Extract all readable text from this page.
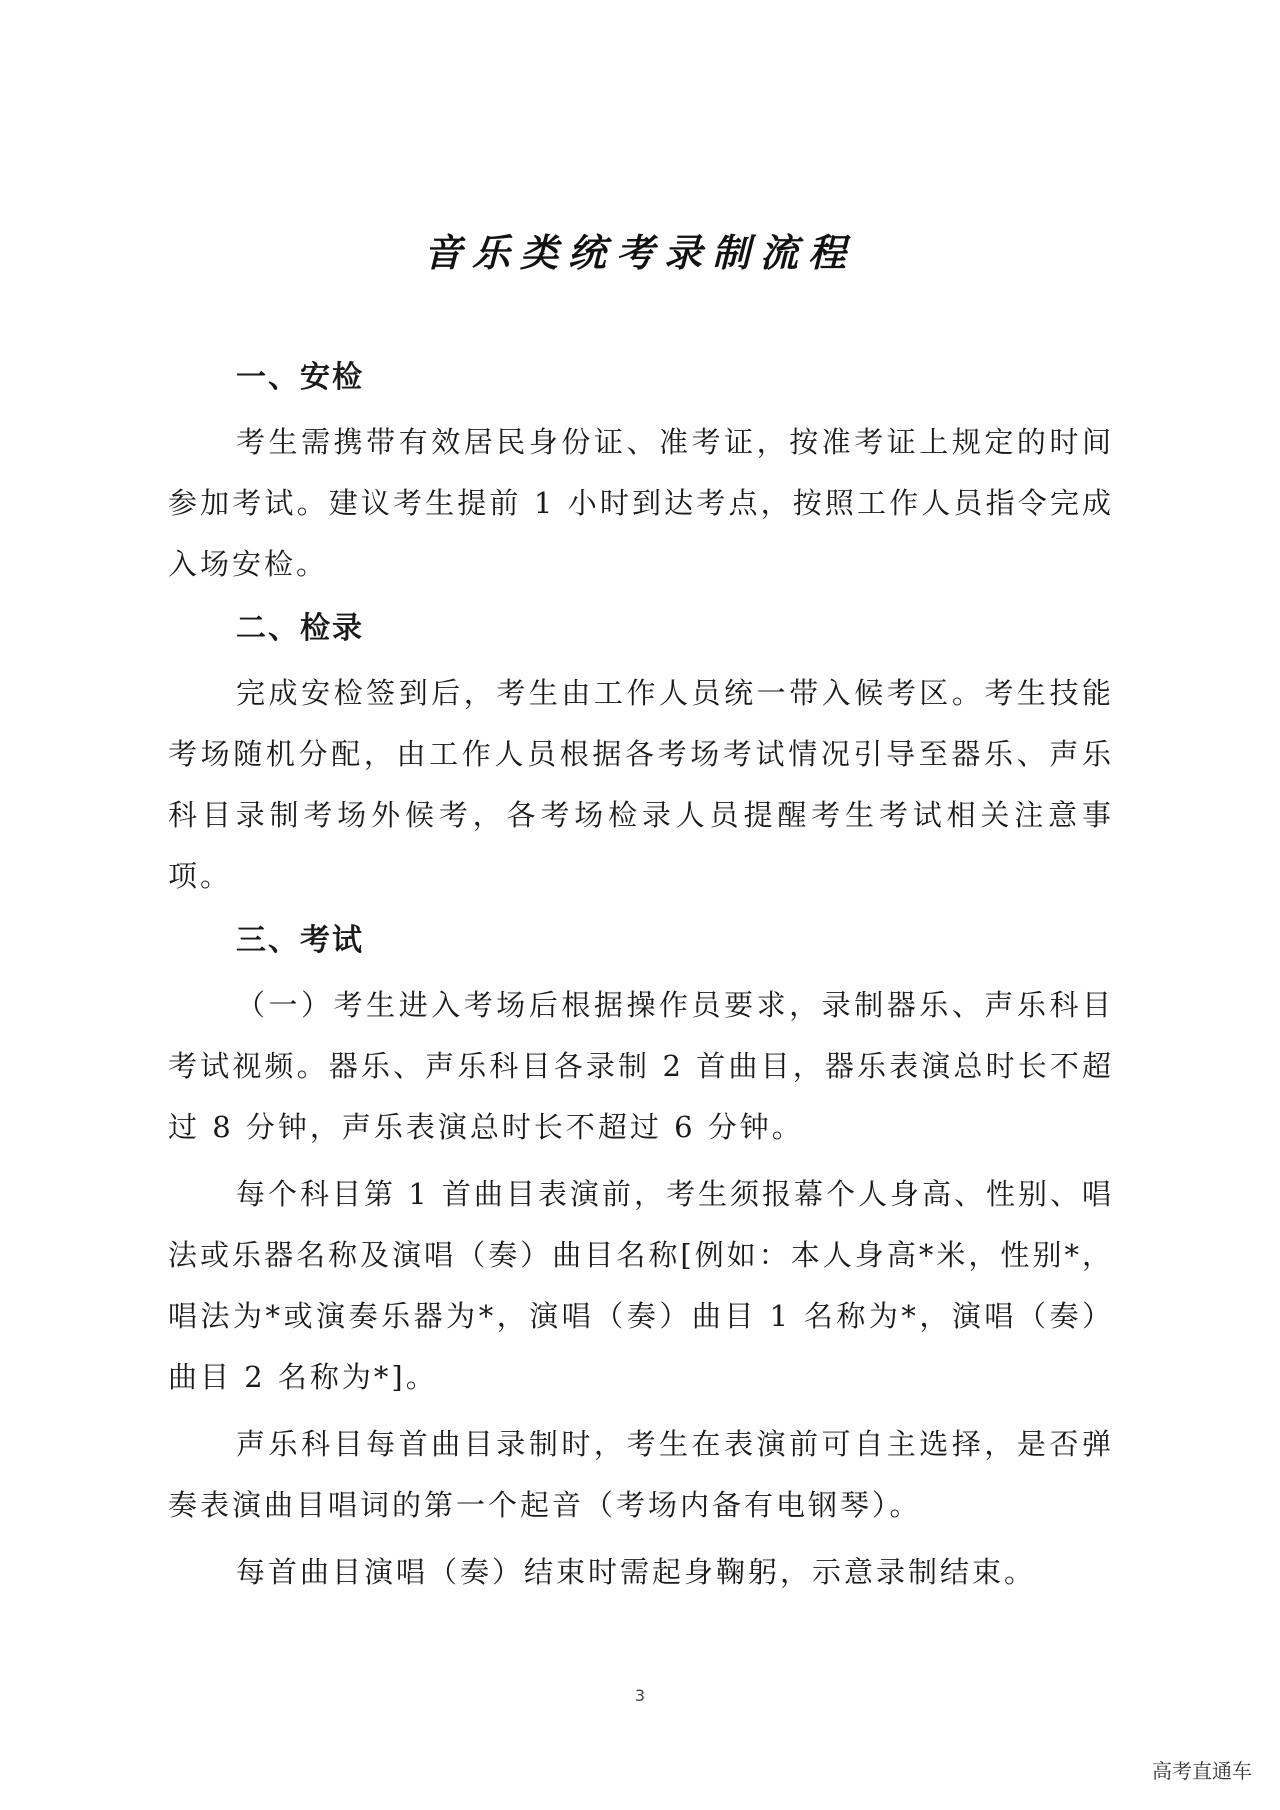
音乐类统考录制流程
一、安检

考生需携带有效居民身份证、准考证，按准考证上规定的时间参加考试。建议考生提前 1 小时到达考点，按照工作人员指令完成入场安检。

二、检录

完成安检签到后，考生由工作人员统一带入候考区。考生技能考场随机分配，由工作人员根据各考场考试情况引导至器乐、声乐科目录制考场外候考，各考场检录人员提醒考生考试相关注意事项。

三、考试

（一）考生进入考场后根据操作员要求，录制器乐、声乐科目考试视频。器乐、声乐科目各录制 2 首曲目，器乐表演总时长不超过 8 分钟，声乐表演总时长不超过 6 分钟。

每个科目第 1 首曲目表演前，考生须报幕个人身高、性别、唱法或乐器名称及演唱（奏）曲目名称[例如：本人身高*米，性别*，唱法为*或演奏乐器为*，演唱（奏）曲目 1 名称为*，演唱（奏）曲目 2 名称为*]。

声乐科目每首曲目录制时，考生在表演前可自主选择，是否弹奏表演曲目唱词的第一个起音（考场内备有电钢琴）。

每首曲目演唱（奏）结束时需起身鞠躬，示意录制结束。

3
高考直通车
